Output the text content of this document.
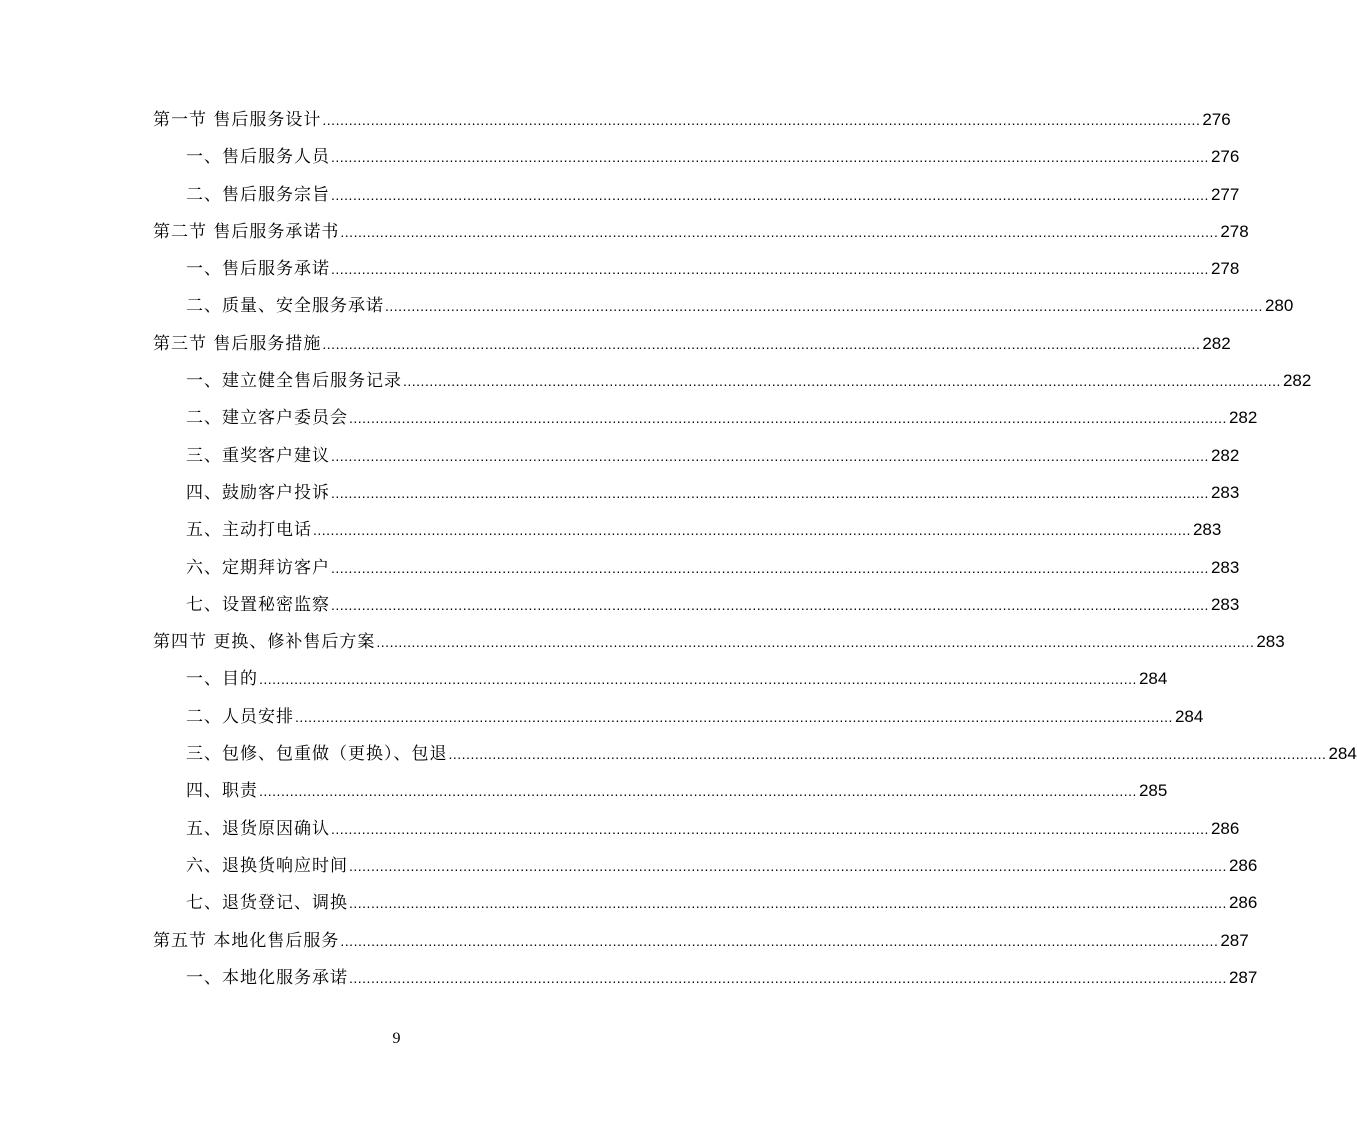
第一节 售后服务设计 ........................................................................................................................................................................................................ 276
一、售后服务人员 ........................................................................................................................................................................................................ 276
二、售后服务宗旨 ........................................................................................................................................................................................................ 277
第二节 售后服务承诺书 ........................................................................................................................................................................................................ 278
一、售后服务承诺 ........................................................................................................................................................................................................ 278
二、质量、安全服务承诺 ........................................................................................................................................................................................................ 280
第三节 售后服务措施 ........................................................................................................................................................................................................ 282
一、建立健全售后服务记录 ........................................................................................................................................................................................................ 282
二、建立客户委员会 ........................................................................................................................................................................................................ 282
三、重奖客户建议 ........................................................................................................................................................................................................ 282
四、鼓励客户投诉 ........................................................................................................................................................................................................ 283
五、主动打电话 ........................................................................................................................................................................................................ 283
六、定期拜访客户 ........................................................................................................................................................................................................ 283
七、设置秘密监察 ........................................................................................................................................................................................................ 283
第四节 更换、修补售后方案 ........................................................................................................................................................................................................ 283
一、目的 ........................................................................................................................................................................................................ 284
二、人员安排 ........................................................................................................................................................................................................ 284
三、包修、包重做（更换）、包退 ........................................................................................................................................................................................................ 284
四、职责 ........................................................................................................................................................................................................ 285
五、退货原因确认 ........................................................................................................................................................................................................ 286
六、退换货响应时间 ........................................................................................................................................................................................................ 286
七、退货登记、调换 ........................................................................................................................................................................................................ 286
第五节 本地化售后服务 ........................................................................................................................................................................................................ 287
一、本地化服务承诺 ........................................................................................................................................................................................................ 287
9
